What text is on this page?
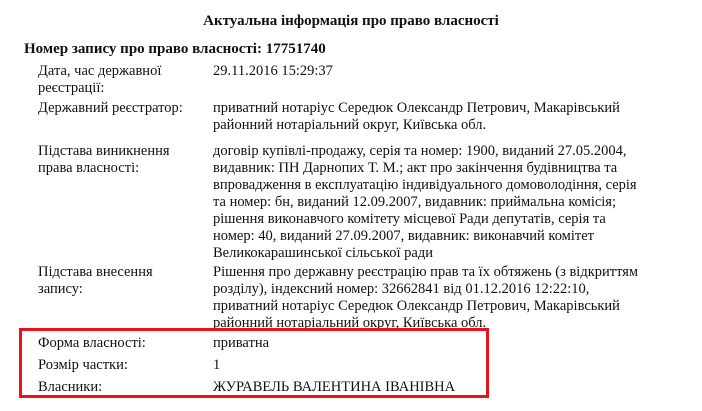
Актуальна інформація про право власності
Номер запису про право власності: 17751740
Дата, час державної
реєстрації:
29.11.2016 15:29:37
Державний реєстратор:	приватний нотаріус Середюк Олександр Петрович, Макарівський
районний нотаріальний округ, Київська обл.
Підстава виникнення
права власності:
договір купівлі-продажу, серія та номер: 1900, виданий 27.05.2004,
видавник: ПН Дарнопих Т. М.; акт про закінчення будівництва та
впровадження в експлуатацію індивідуального домоволодіння, серія
та номер: бн, виданий 12.09.2007, видавник: приймальна комісія;
рішення виконавчого комітету місцевої Ради депутатів, серія та
номер: 40, виданий 27.09.2007, видавник: виконавчий комітет
Великокарашинської сільської ради
Підстава внесення
запису:
Рішення про державну реєстрацію прав та їх обтяжень (з відкриттям
розділу), індексний номер: 32662841 від 01.12.2016 12:22:10,
приватний нотаріус Середюк Олександр Петрович, Макарівський
районний нотаріальний округ, Київська обл.
Форма власності:	приватна
Розмір частки:	1
Власники:	ЖУРАВЕЛЬ ВАЛЕНТИНА ІВАНІВНА
